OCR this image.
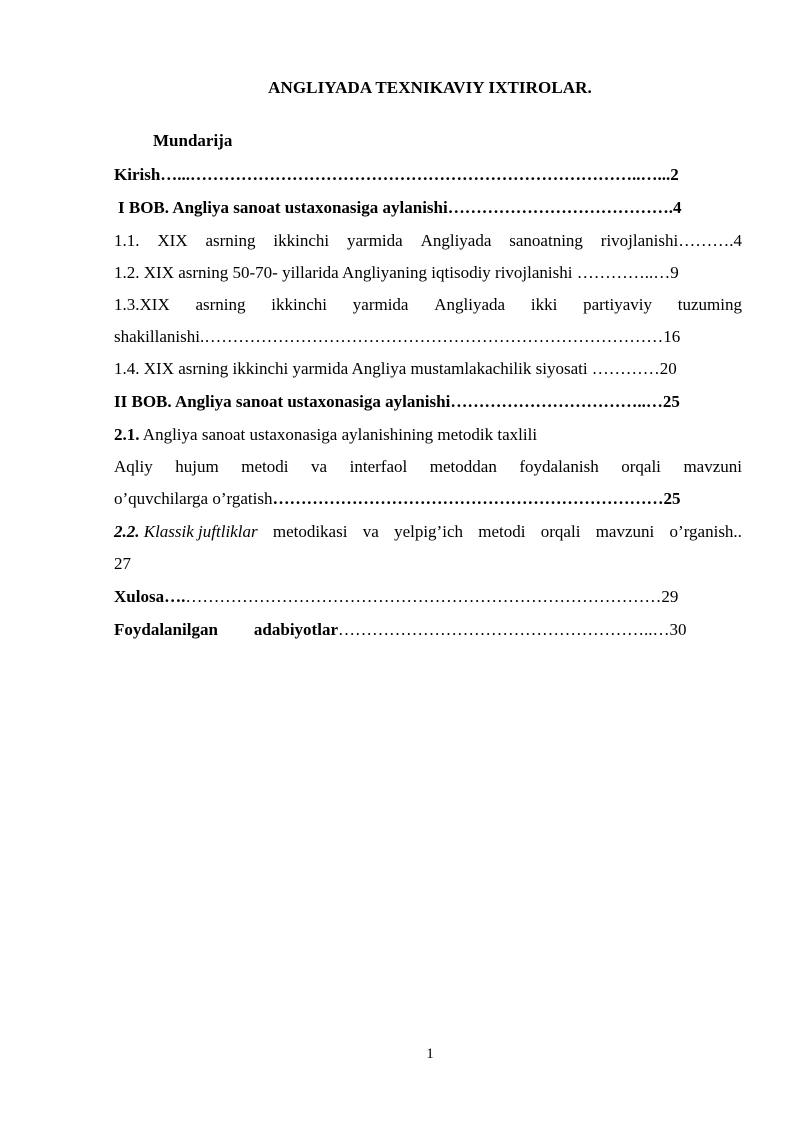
ANGLIYADA TEXNIKAVIY IXTIROLAR.
Mundarija
Kirish…...……………………………………………………………………..…...2
I BOB. Angliya sanoat ustaxonasiga aylanishi………………………………….4
1.1. XIX asrning ikkinchi yarmida Angliyada sanoatning rivojlanishi……….4
1.2. XIX asrning 50-70- yillarida Angliyaning iqtisodiy rivojlanishi …………..…9
1.3.XIX asrning ikkinchi yarmida Angliyada ikki partiyaviy tuzuming
shakillanishi.………………………………………………………………………16
1.4. XIX asrning ikkinchi yarmida Angliya mustamlakachilik siyosati …………20
II BOB. Angliya sanoat ustaxonasiga aylanishi……………………………..…25
2.1. Angliya sanoat ustaxonasiga aylanishining metodik taxlili
Aqliy hujum metodi va interfaol metoddan foydalanish orqali mavzuni
o’quvchilarga o’rgatish……………………………………………………………25
2.2. Klassik juftliklar metodikasi va yelpig’ich metodi orqali mavzuni o’rganish..
27
Xulosa….…………………………………………………………………………29
Foydalanilgan adabiyotlar………………………………………………..…30
1
